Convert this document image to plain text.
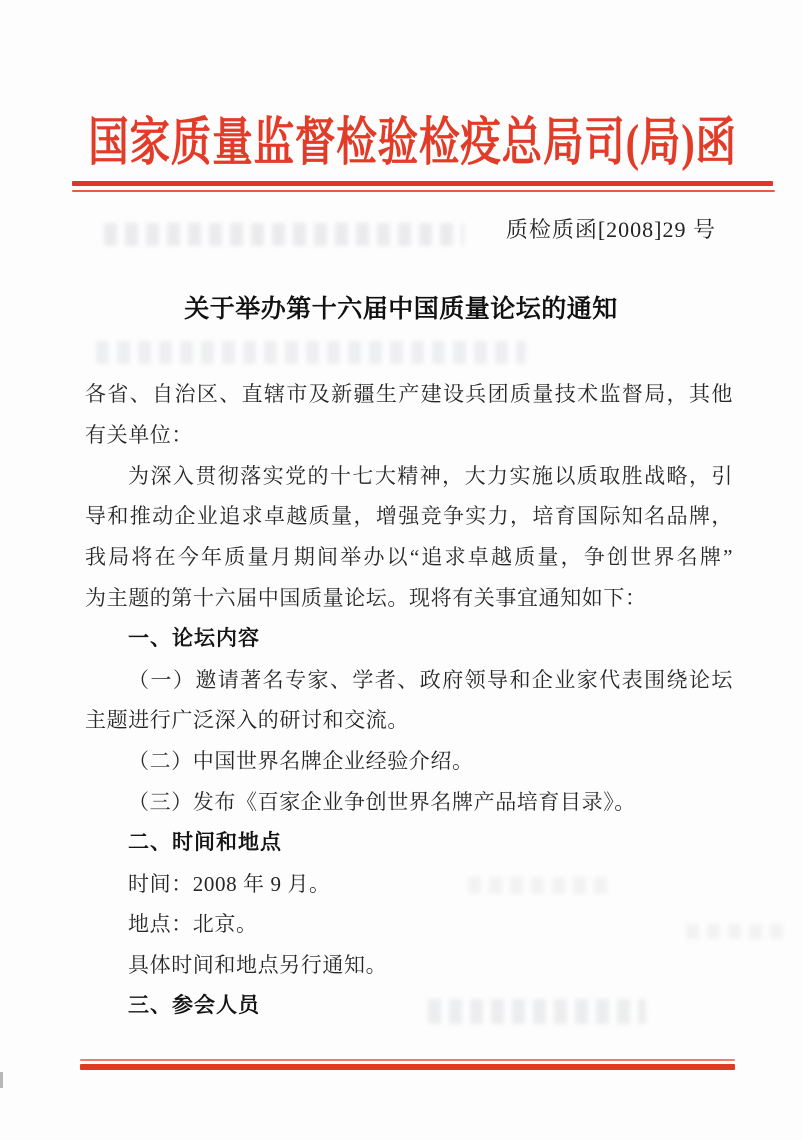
国家质量监督检验检疫总局司(局)函
质检质函[2008]29 号
关于举办第十六届中国质量论坛的通知
各省、自治区、直辖市及新疆生产建设兵团质量技术监督局，其他
有关单位：
为深入贯彻落实党的十七大精神，大力实施以质取胜战略，引
导和推动企业追求卓越质量，增强竞争实力，培育国际知名品牌，
我局将在今年质量月期间举办以“追求卓越质量，争创世界名牌”
为主题的第十六届中国质量论坛。现将有关事宜通知如下：
一、论坛内容
（一）邀请著名专家、学者、政府领导和企业家代表围绕论坛
主题进行广泛深入的研讨和交流。
（二）中国世界名牌企业经验介绍。
（三）发布《百家企业争创世界名牌产品培育目录》。
二、时间和地点
时间：2008 年 9 月。
地点：北京。
具体时间和地点另行通知。
三、参会人员
